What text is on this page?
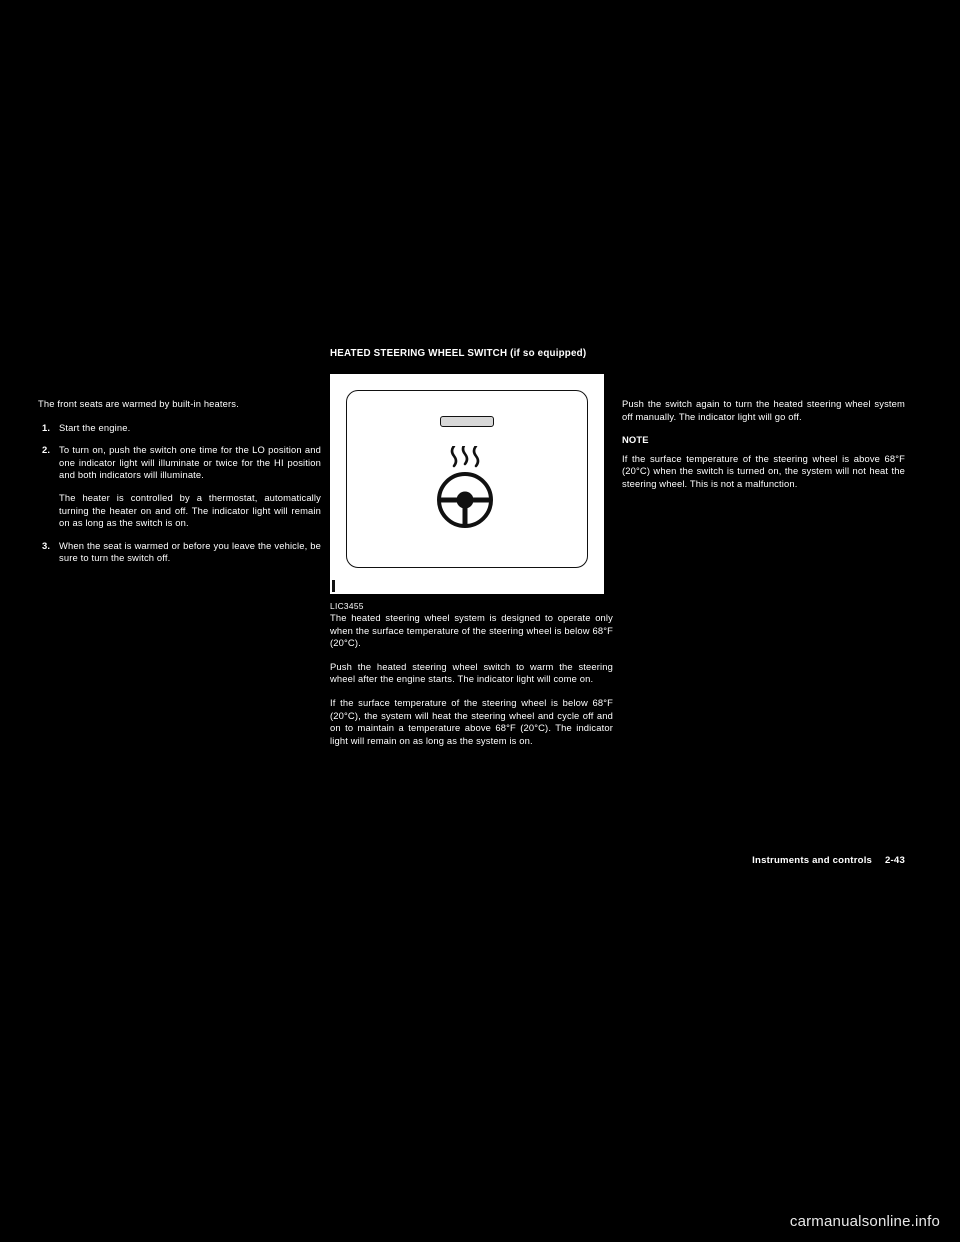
The front seats are warmed by built-in heaters.

1. Start the engine.
2. To turn on, push the switch one time for the LO position and one indicator light will illuminate or twice for the HI position and both indicators will illuminate.
The heater is controlled by a thermostat, automatically turning the heater on and off. The indicator light will remain on as long as the switch is on.
3. When the seat is warmed or before you leave the vehicle, be sure to turn the switch off.
HEATED STEERING WHEEL SWITCH (if so equipped)
LIC3455

The heated steering wheel system is designed to operate only when the surface temperature of the steering wheel is below 68°F (20°C).

Push the heated steering wheel switch to warm the steering wheel after the engine starts. The indicator light will come on.

If the surface temperature of the steering wheel is below 68°F (20°C), the system will heat the steering wheel and cycle off and on to maintain a temperature above 68°F (20°C). The indicator light will remain on as long as the system is on.

Push the switch again to turn the heated steering wheel system off manually. The indicator light will go off.

NOTE

If the surface temperature of the steering wheel is above 68°F (20°C) when the switch is turned on, the system will not heat the steering wheel. This is not a malfunction.

Instruments and controls 2-43
carmanualsonline.info
